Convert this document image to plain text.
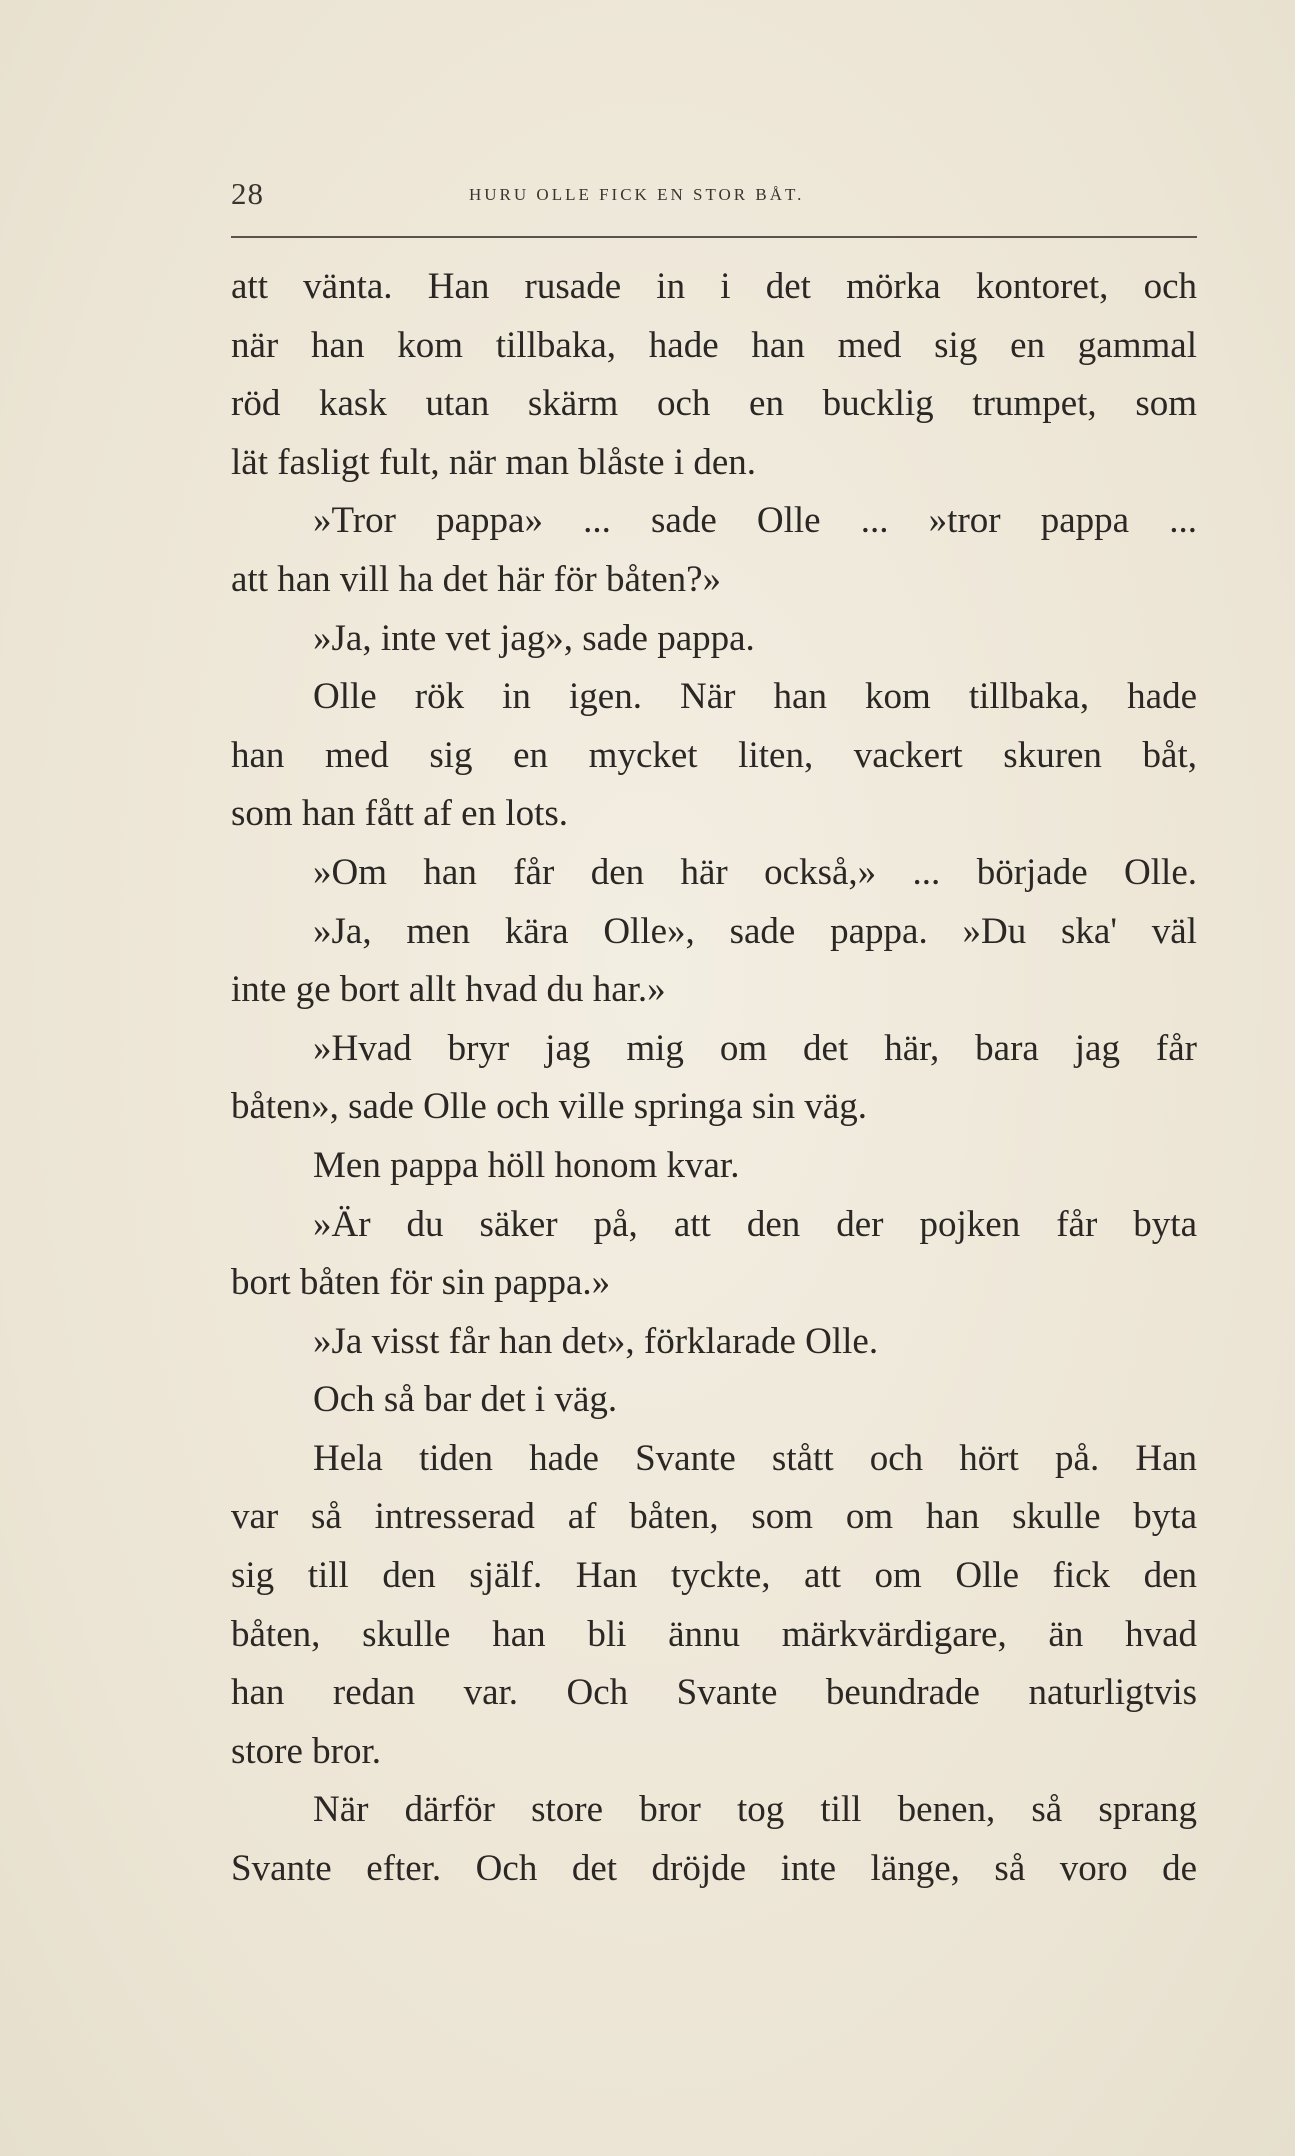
28	HURU OLLE FICK EN STOR BÅT.
att vänta. Han rusade in i det mörka kontoret, och
när han kom tillbaka, hade han med sig en gammal
röd kask utan skärm och en bucklig trumpet, som
lät fasligt fult, när man blåste i den.
»Tror pappa» ... sade Olle ... »tror pappa ...
att han vill ha det här för båten?»
»Ja, inte vet jag», sade pappa.
Olle rök in igen. När han kom tillbaka, hade
han med sig en mycket liten, vackert skuren båt,
som han fått af en lots.
»Om han får den här också,» ... började Olle.
»Ja, men kära Olle», sade pappa. »Du ska' väl
inte ge bort allt hvad du har.»
»Hvad bryr jag mig om det här, bara jag får
båten», sade Olle och ville springa sin väg.
Men pappa höll honom kvar.
»Är du säker på, att den der pojken får byta
bort båten för sin pappa.»
»Ja visst får han det», förklarade Olle.
Och så bar det i väg.
Hela tiden hade Svante stått och hört på. Han
var så intresserad af båten, som om han skulle byta
sig till den själf. Han tyckte, att om Olle fick den
båten, skulle han bli ännu märkvärdigare, än hvad
han redan var. Och Svante beundrade naturligtvis
store bror.
När därför store bror tog till benen, så sprang
Svante efter. Och det dröjde inte länge, så voro de
